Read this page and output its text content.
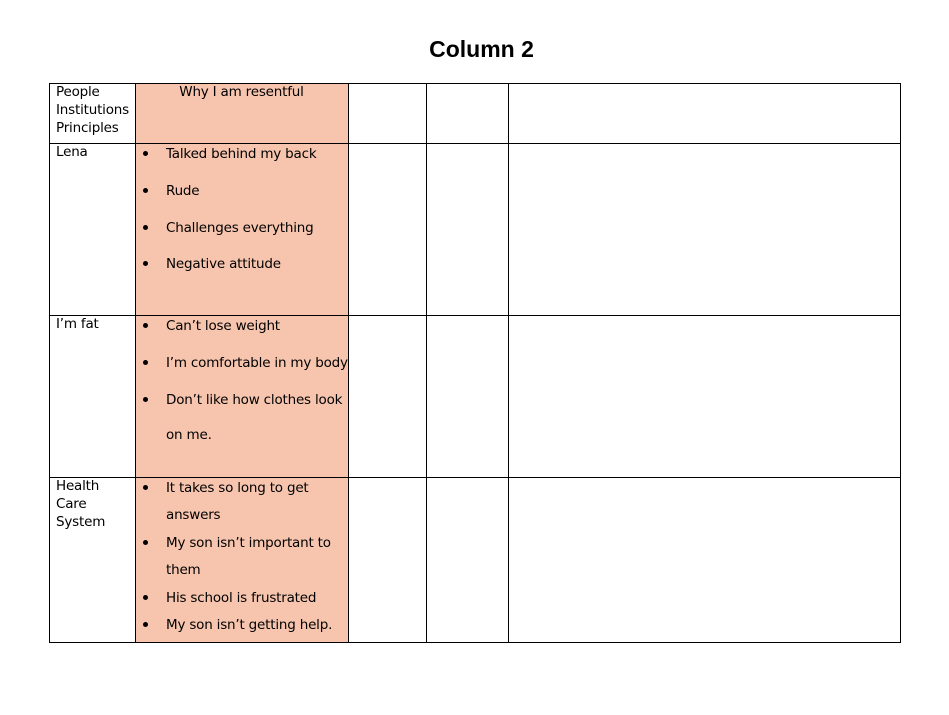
Column 2
People
Institutions
Principles
Why I am resentful
Lena	Talked behind my back
Rude
Challenges everything
Negative attitude
I’m fat	Can’t lose weight
I’m comfortable in my body
Don’t like how clothes look
on me.
Health
Care
System
It takes so long to get
answers
My son isn’t important to
them
His school is frustrated
My son isn’t getting help.
